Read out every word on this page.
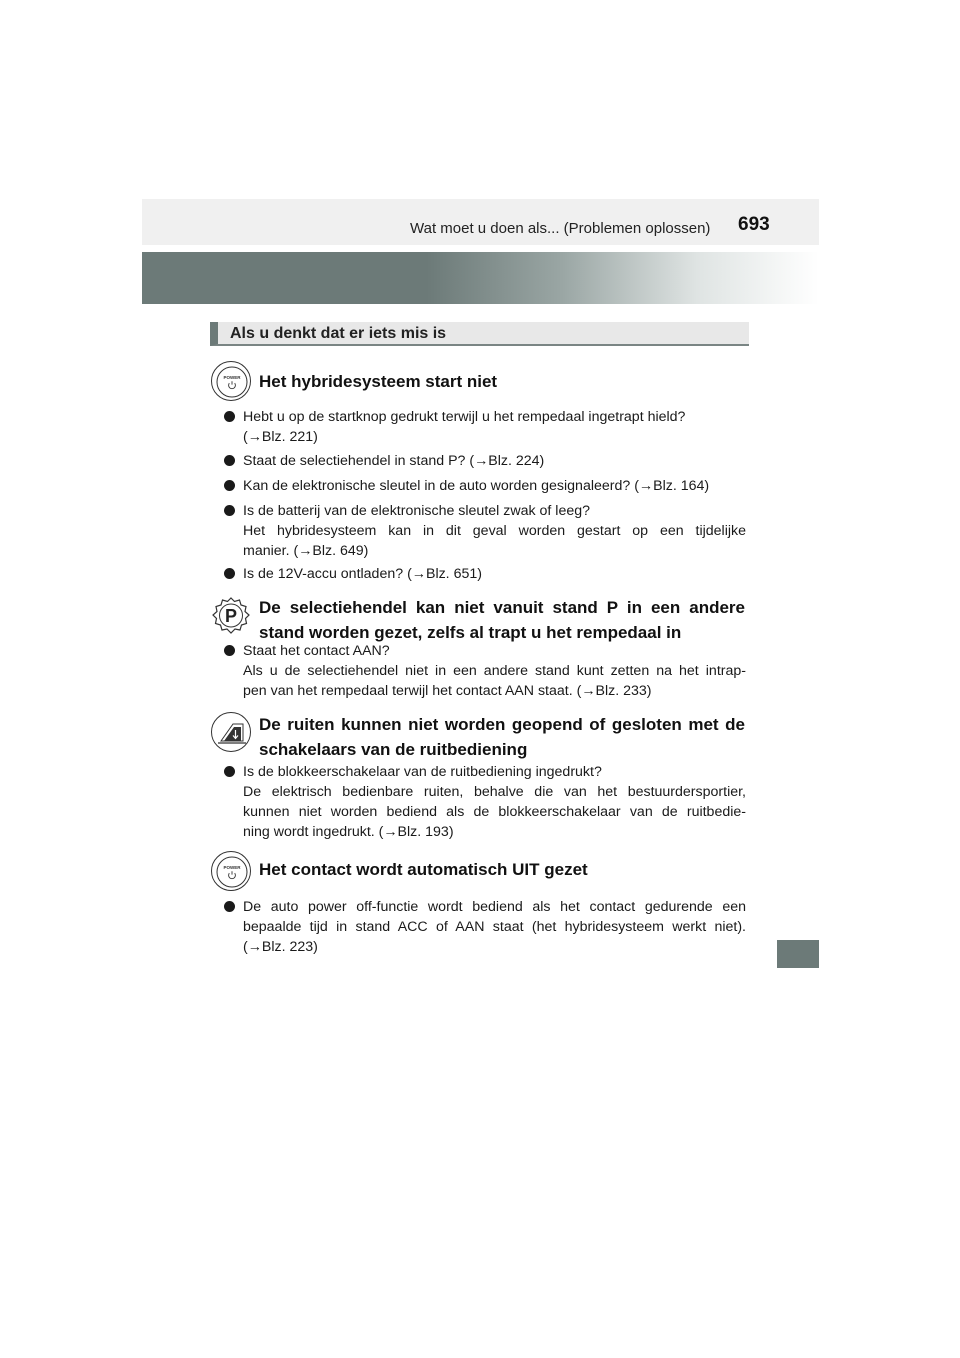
Wat moet u doen als... (Problemen oplossen) 693
Als u denkt dat er iets mis is
POWER Het hybridesysteem start niet
Hebt u op de startknop gedrukt terwijl u het rempedaal ingetrapt hield?
(→Blz. 221)
Staat de selectiehendel in stand P? (→Blz. 224)
Kan de elektronische sleutel in de auto worden gesignaleerd? (→Blz. 164)
Is de batterij van de elektronische sleutel zwak of leeg?
Het hybridesysteem kan in dit geval worden gestart op een tijdelijke
manier. (→Blz. 649)
Is de 12V-accu ontladen? (→Blz. 651)
P De selectiehendel kan niet vanuit stand P in een andere
stand worden gezet, zelfs al trapt u het rempedaal in
Staat het contact AAN?
Als u de selectiehendel niet in een andere stand kunt zetten na het intrap-
pen van het rempedaal terwijl het contact AAN staat. (→Blz. 233)
De ruiten kunnen niet worden geopend of gesloten met de
schakelaars van de ruitbediening
Is de blokkeerschakelaar van de ruitbediening ingedrukt?
De elektrisch bedienbare ruiten, behalve die van het bestuurdersportier,
kunnen niet worden bediend als de blokkeerschakelaar van de ruitbedie-
ning wordt ingedrukt. (→Blz. 193)
POWER Het contact wordt automatisch UIT gezet
De auto power off-functie wordt bediend als het contact gedurende een
bepaalde tijd in stand ACC of AAN staat (het hybridesysteem werkt niet).
(→Blz. 223)
